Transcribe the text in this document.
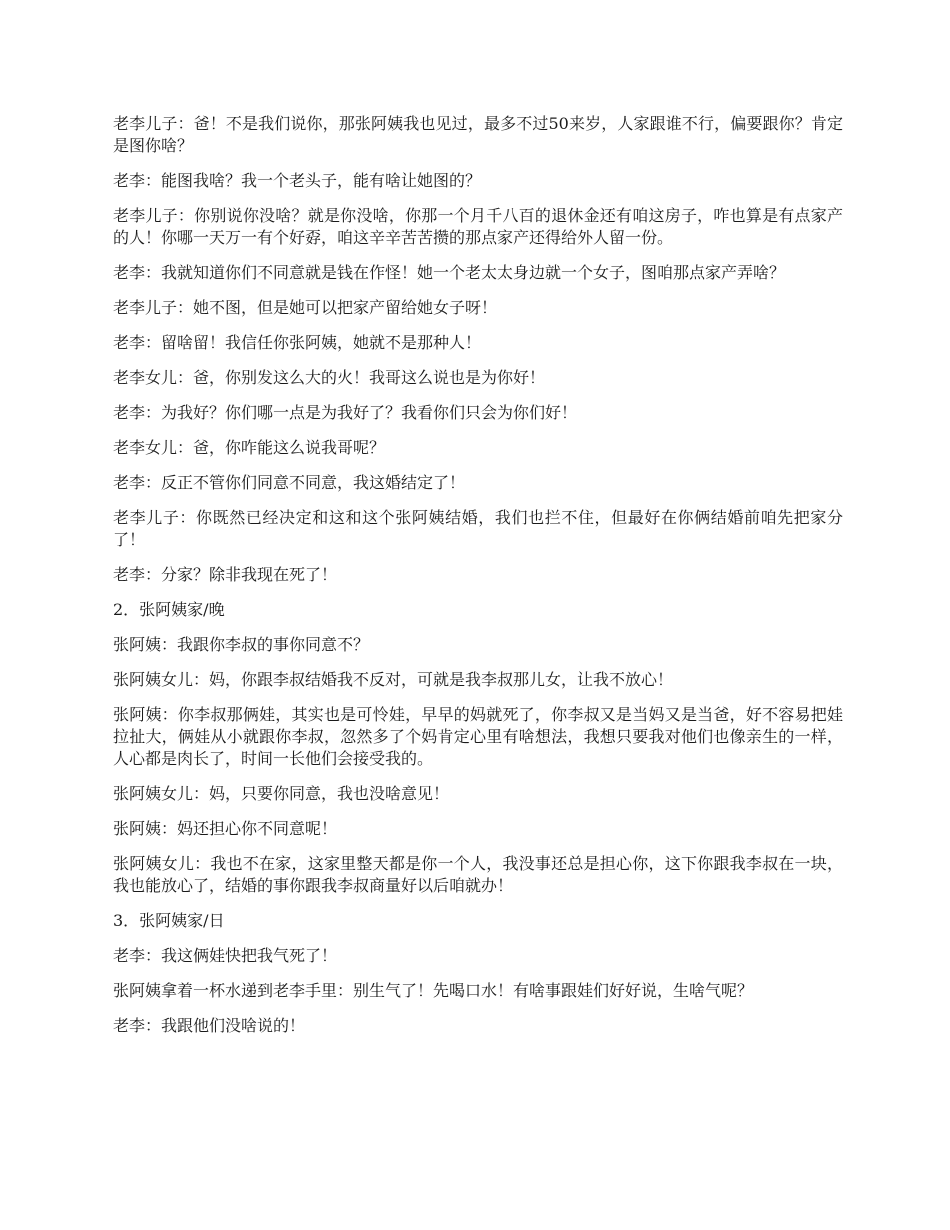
老李儿子：爸！不是我们说你，那张阿姨我也见过，最多不过50来岁，人家跟谁不行，偏要跟你？肯定是图你啥？

老李：能图我啥？我一个老头子，能有啥让她图的？

老李儿子：你别说你没啥？就是你没啥，你那一个月千八百的退休金还有咱这房子，咋也算是有点家产的人！你哪一天万一有个好孬，咱这辛辛苦苦攒的那点家产还得给外人留一份。

老李：我就知道你们不同意就是钱在作怪！她一个老太太身边就一个女子，图咱那点家产弄啥？

老李儿子：她不图，但是她可以把家产留给她女子呀！

老李：留啥留！我信任你张阿姨，她就不是那种人！

老李女儿：爸，你别发这么大的火！我哥这么说也是为你好！

老李：为我好？你们哪一点是为我好了？我看你们只会为你们好！

老李女儿：爸，你咋能这么说我哥呢？

老李：反正不管你们同意不同意，我这婚结定了！

老李儿子：你既然已经决定和这和这个张阿姨结婚，我们也拦不住，但最好在你俩结婚前咱先把家分了！

老李：分家？除非我现在死了！

2．张阿姨家/晚

张阿姨：我跟你李叔的事你同意不？

张阿姨女儿：妈，你跟李叔结婚我不反对，可就是我李叔那儿女，让我不放心！

张阿姨：你李叔那俩娃，其实也是可怜娃，早早的妈就死了，你李叔又是当妈又是当爸，好不容易把娃拉扯大，俩娃从小就跟你李叔，忽然多了个妈肯定心里有啥想法，我想只要我对他们也像亲生的一样，人心都是肉长了，时间一长他们会接受我的。

张阿姨女儿：妈，只要你同意，我也没啥意见！

张阿姨：妈还担心你不同意呢！

张阿姨女儿：我也不在家，这家里整天都是你一个人，我没事还总是担心你，这下你跟我李叔在一块，我也能放心了，结婚的事你跟我李叔商量好以后咱就办！

3．张阿姨家/日

老李：我这俩娃快把我气死了！

张阿姨拿着一杯水递到老李手里：别生气了！先喝口水！有啥事跟娃们好好说，生啥气呢？

老李：我跟他们没啥说的！
